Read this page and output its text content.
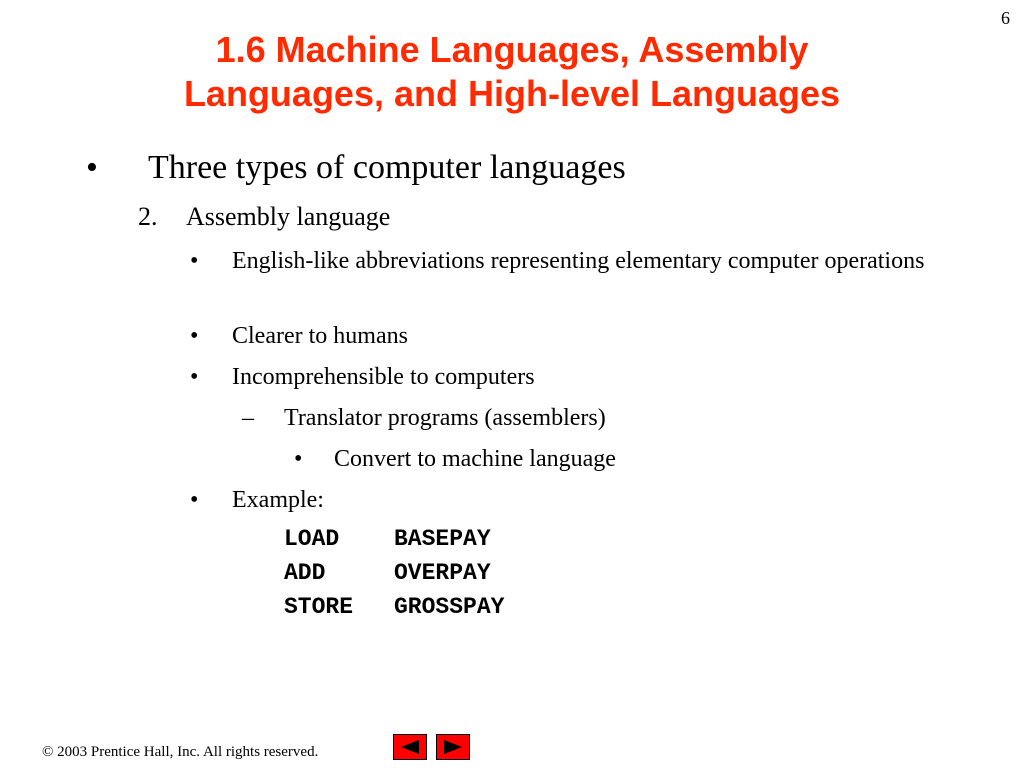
6
1.6 Machine Languages, Assembly
Languages, and High-level Languages
• Three types of computer languages
2. Assembly language
• English-like abbreviations representing elementary computer operations
• Clearer to humans
• Incomprehensible to computers
– Translator programs (assemblers)
• Convert to machine language
• Example:
LOAD	BASEPAY
ADD	OVERPAY
STORE	GROSSPAY
© 2003 Prentice Hall, Inc. All rights reserved.
